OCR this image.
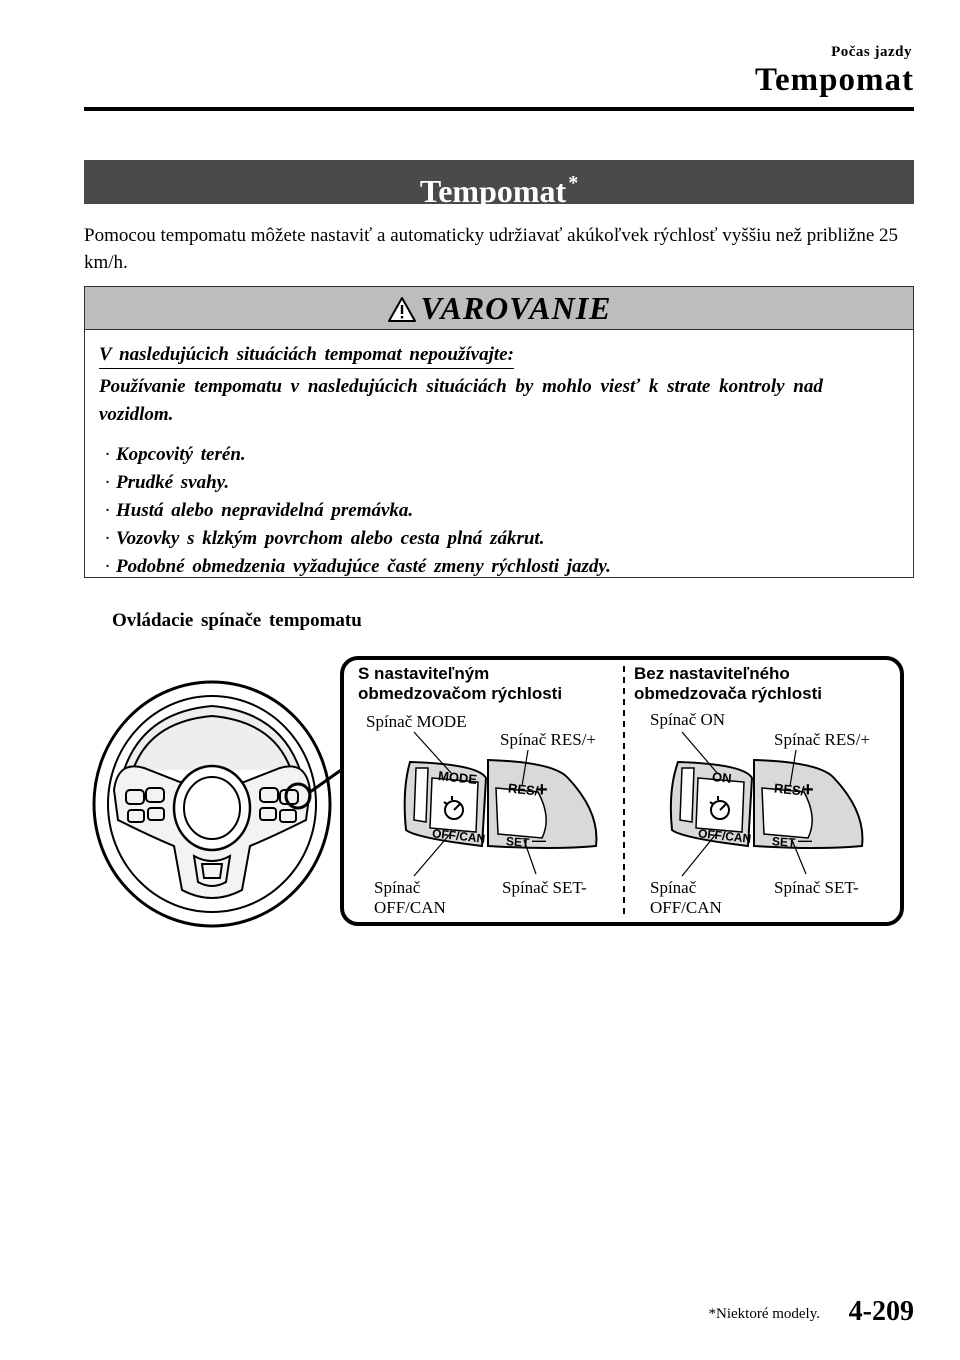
Počas jazdy
Tempomat
Tempomat *
Pomocou tempomatu môžete nastaviť a automaticky udržiavať akúkoľvek rýchlosť vyššiu než približne 25 km/h.
VAROVANIE
V nasledujúcich situáciách tempomat nepoužívajte:
Používanie tempomatu v nasledujúcich situáciách by mohlo viesť k strate kontroly nad vozidlom.
· Kopcovitý terén.
· Prudké svahy.
· Hustá alebo nepravidelná premávka.
· Vozovky s klzkým povrchom alebo cesta plná zákrut.
· Podobné obmedzenia vyžadujúce časté zmeny rýchlosti jazdy.
Ovládacie spínače tempomatu
MODE
RES/
+
OFF/CAN SET —
ON
RES/
+
OFF/CAN SET —
S nastaviteľným
obmedzovačom rýchlosti
Bez nastaviteľného
obmedzovača rýchlosti
Spínač MODE
Spínač RES/+
Spínač
OFF/CAN
Spínač SET-
Spínač ON
Spínač RES/+
Spínač
OFF/CAN
Spínač SET-
*Niektoré modely. 4-209
